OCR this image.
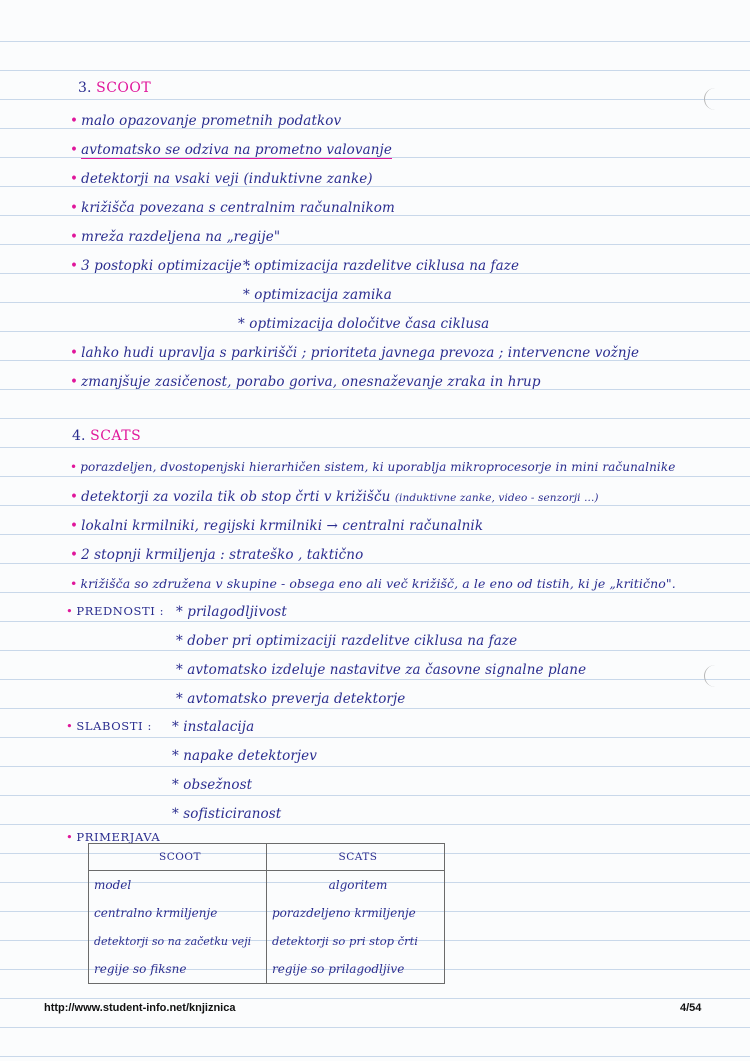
3. SCOOT
• malo opazovanje prometnih podatkov
• avtomatsko se odziva na prometno valovanje
• detektorji na vsaki veji (induktivne zanke)
• križišča povezana s centralnim računalnikom
• mreža razdeljena na „regije"
• 3 postopki optimizacije :
* optimizacija razdelitve ciklusa na faze
* optimizacija zamika
* optimizacija določitve časa ciklusa
• lahko hudi upravlja s parkirišči ; prioriteta javnega prevoza ; intervencne vožnje
• zmanjšuje zasičenost, porabo goriva, onesnaževanje zraka in hrup
4. SCATS
• porazdeljen, dvostopenjski hierarhičen sistem, ki uporablja mikroprocesorje in mini računalnike
• detektorji za vozila tik ob stop črti v križišču (induktivne zanke, video - senzorji ...)
• lokalni krmilniki, regijski krmilniki → centralni računalnik
• 2 stopnji krmiljenja : strateško , taktično
• križišča so združena v skupine - obsega eno ali več križišč, a le eno od tistih, ki je „kritično".
• PREDNOSTI : * prilagodljivost
* dober pri optimizaciji razdelitve ciklusa na faze
* avtomatsko izdeluje nastavitve za časovne signalne plane
* avtomatsko preverja detektorje
• SLABOSTI : * instalacija
* napake detektorjev
* obsežnost
* sofisticiranost
• PRIMERJAVA
SCOOT	SCATS
model	algoritem
centralno krmiljenje	porazdeljeno krmiljenje
detektorji so na začetku veji	detektorji so pri stop črti
regije so fiksne	regije so prilagodljive
http://www.student-info.net/knjiznica	4/54
